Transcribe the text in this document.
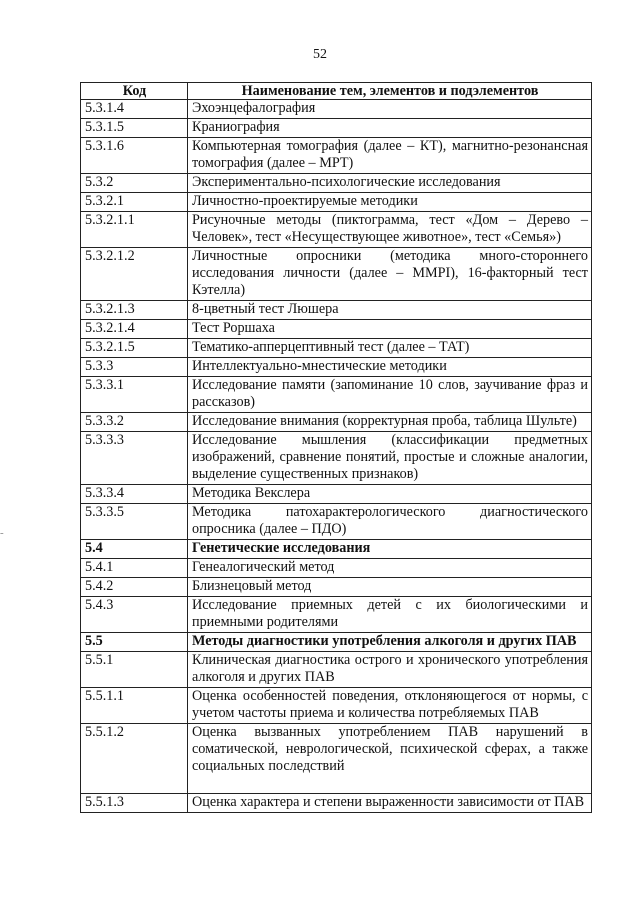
52
-
Код	Наименование тем, элементов и подэлементов
5.3.1.4	Эхоэнцефалография
5.3.1.5	Краниография
5.3.1.6	Компьютерная томография (далее – КТ), магнитно-резонансная томография (далее – МРТ)
5.3.2	Экспериментально-психологические исследования
5.3.2.1	Личностно-проектируемые методики
5.3.2.1.1	Рисуночные методы (пиктограмма, тест «Дом – Дерево – Человек», тест «Несуществующее животное», тест «Семья»)
5.3.2.1.2	Личностные опросники (методика много-стороннего исследования личности (далее – MMPI), 16-факторный тест Кэтелла)
5.3.2.1.3	8-цветный тест Люшера
5.3.2.1.4	Тест Роршаха
5.3.2.1.5	Тематико-апперцептивный тест (далее – ТАТ)
5.3.3	Интеллектуально-мнестические методики
5.3.3.1	Исследование памяти (запоминание 10 слов, заучивание фраз и рассказов)
5.3.3.2	Исследование внимания (корректурная проба, таблица Шульте)
5.3.3.3	Исследование мышления (классификации предметных изображений, сравнение понятий, простые и сложные аналогии, выделение существенных признаков)
5.3.3.4	Методика Векслера
5.3.3.5	Методика патохарактерологического диагностического опросника (далее – ПДО)
5.4	Генетические исследования
5.4.1	Генеалогический метод
5.4.2	Близнецовый метод
5.4.3	Исследование приемных детей с их биологическими и приемными родителями
5.5	Методы диагностики употребления алкоголя и других ПАВ
5.5.1	Клиническая диагностика острого и хронического употребления алкоголя и других ПАВ
5.5.1.1	Оценка особенностей поведения, отклоняющегося от нормы, с учетом частоты приема и количества потребляемых ПАВ
5.5.1.2	Оценка вызванных употреблением ПАВ нарушений в соматической, неврологической, психической сферах, а также социальных последствий
5.5.1.3	Оценка характера и степени выраженности зависимости от ПАВ
